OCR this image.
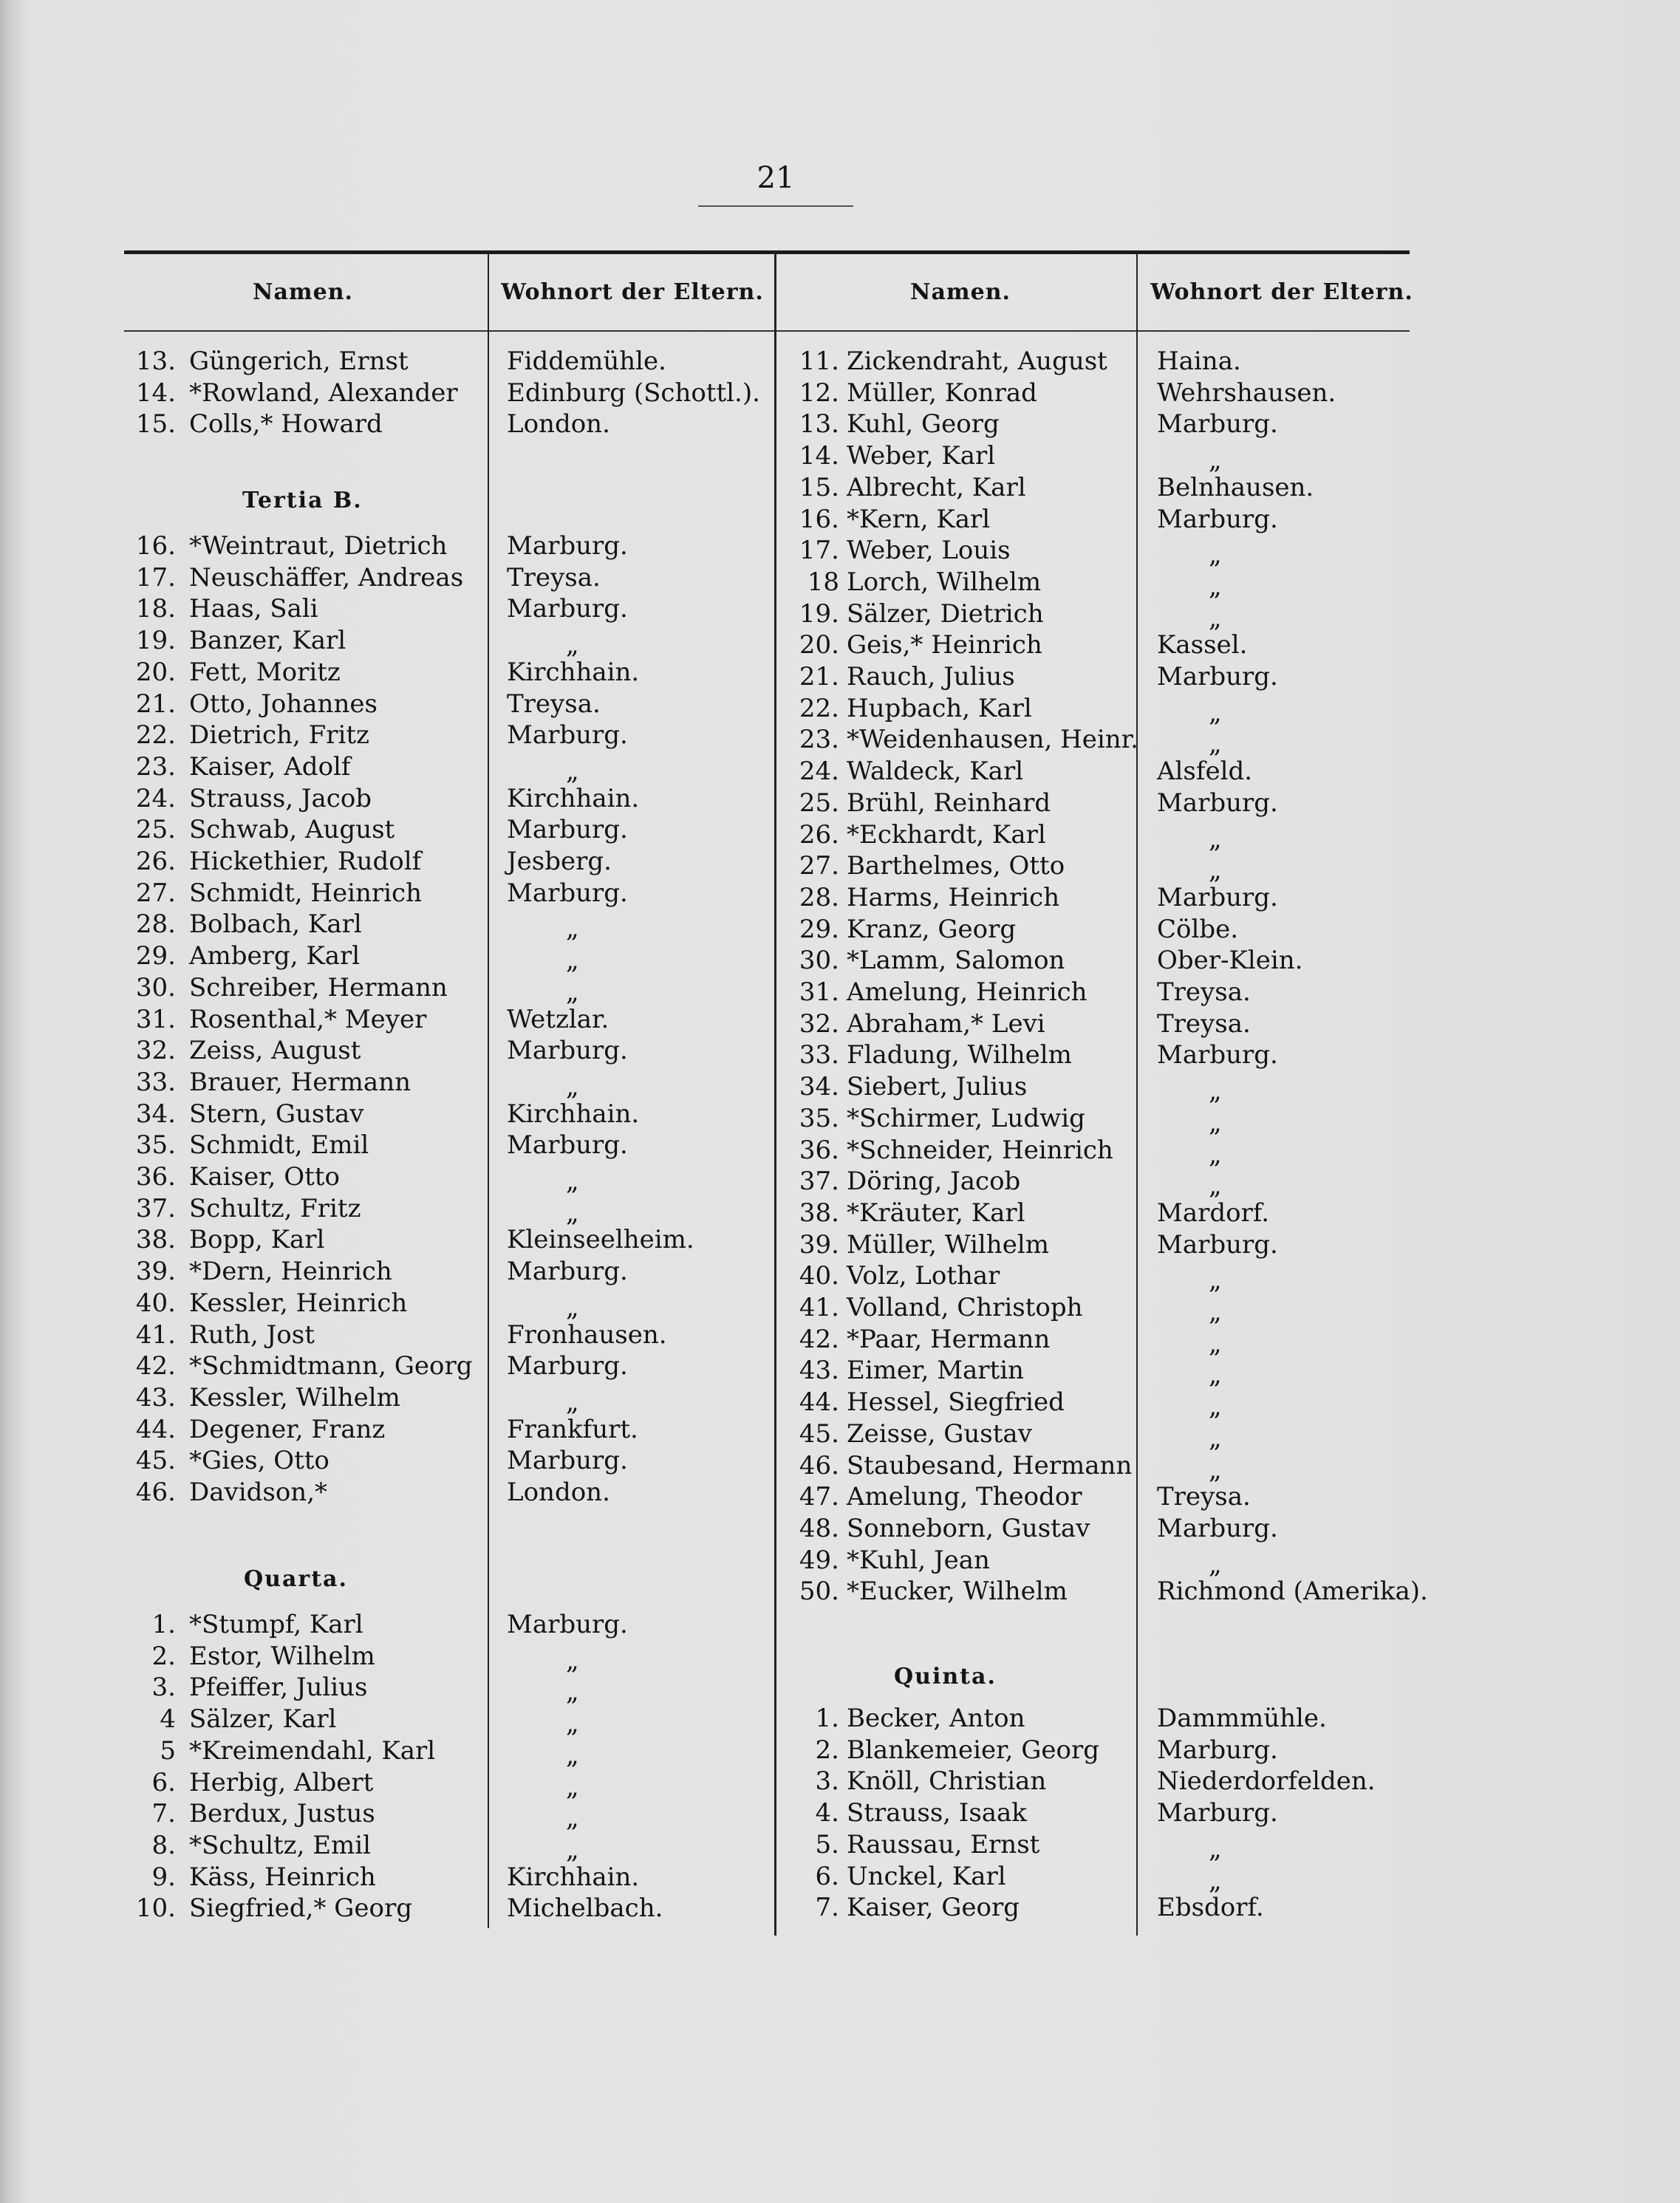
21
Namen.	Wohnort der Eltern.	Namen.	Wohnort der Eltern.
Tertia B.
Quarta.
Quinta.
13. Güngerich, Ernst	Fiddemühle.
14. *Rowland, Alexander Edinburg (Schottl.).
15. Colls,* Howard	London.
16. *Weintraut, Dietrich Marburg.
17. Neuschäffer, Andreas Treysa.
18. Haas, Sali	Marburg.
19. Banzer, Karl	„
20. Fett, Moritz	Kirchhain.
21. Otto, Johannes	Treysa.
22. Dietrich, Fritz	Marburg.
23. Kaiser, Adolf	„
24. Strauss, Jacob	Kirchhain.
25. Schwab, August	Marburg.
26. Hickethier, Rudolf	Jesberg.
27. Schmidt, Heinrich	Marburg.
28. Bolbach, Karl	„
29. Amberg, Karl	„
30. Schreiber, Hermann	„
31. Rosenthal,* Meyer	Wetzlar.
32. Zeiss, August	Marburg.
33. Brauer, Hermann	„
34. Stern, Gustav	Kirchhain.
35. Schmidt, Emil	Marburg.
36. Kaiser, Otto	„
37. Schultz, Fritz	„
38. Bopp, Karl	Kleinseelheim.
39. *Dern, Heinrich	Marburg.
40. Kessler, Heinrich	„
41. Ruth, Jost	Fronhausen.
42. *Schmidtmann, Georg Marburg.
43. Kessler, Wilhelm	„
44. Degener, Franz	Frankfurt.
45. *Gies, Otto	Marburg.
46. Davidson,*	London.
1. *Stumpf, Karl	Marburg.
2. Estor, Wilhelm	„
3. Pfeiffer, Julius	„
4 Sälzer, Karl	„
5 *Kreimendahl, Karl	„
6. Herbig, Albert	„
7. Berdux, Justus	„
8. *Schultz, Emil	„
9. Käss, Heinrich	Kirchhain.
10. Siegfried,* Georg	Michelbach.
11. Zickendraht, August Haina.
12. Müller, Konrad	Wehrshausen.
13. Kuhl, Georg	Marburg.
14. Weber, Karl	„
15. Albrecht, Karl	Belnhausen.
16. *Kern, Karl	Marburg.
17. Weber, Louis	„
18 Lorch, Wilhelm	„
19. Sälzer, Dietrich	„
20. Geis,* Heinrich	Kassel.
21. Rauch, Julius	Marburg.
22. Hupbach, Karl	„
23. *Weidenhausen, Heinr.	„
24. Waldeck, Karl	Alsfeld.
25. Brühl, Reinhard	Marburg.
26. *Eckhardt, Karl	„
27. Barthelmes, Otto	„
28. Harms, Heinrich	Marburg.
29. Kranz, Georg	Cölbe.
30. *Lamm, Salomon	Ober-Klein.
31. Amelung, Heinrich	Treysa.
32. Abraham,* Levi	Treysa.
33. Fladung, Wilhelm	Marburg.
34. Siebert, Julius	„
35. *Schirmer, Ludwig	„
36. *Schneider, Heinrich	„
37. Döring, Jacob	„
38. *Kräuter, Karl	Mardorf.
39. Müller, Wilhelm	Marburg.
40. Volz, Lothar	„
41. Volland, Christoph	„
42. *Paar, Hermann	„
43. Eimer, Martin	„
44. Hessel, Siegfried	„
45. Zeisse, Gustav	„
46. Staubesand, Hermann	„
47. Amelung, Theodor	Treysa.
48. Sonneborn, Gustav	Marburg.
49. *Kuhl, Jean	„
50. *Eucker, Wilhelm	Richmond (Amerika).
1. Becker, Anton	Dammmühle.
2. Blankemeier, Georg Marburg.
3. Knöll, Christian	Niederdorfelden.
4. Strauss, Isaak	Marburg.
5. Raussau, Ernst	„
6. Unckel, Karl	„
7. Kaiser, Georg	Ebsdorf.
